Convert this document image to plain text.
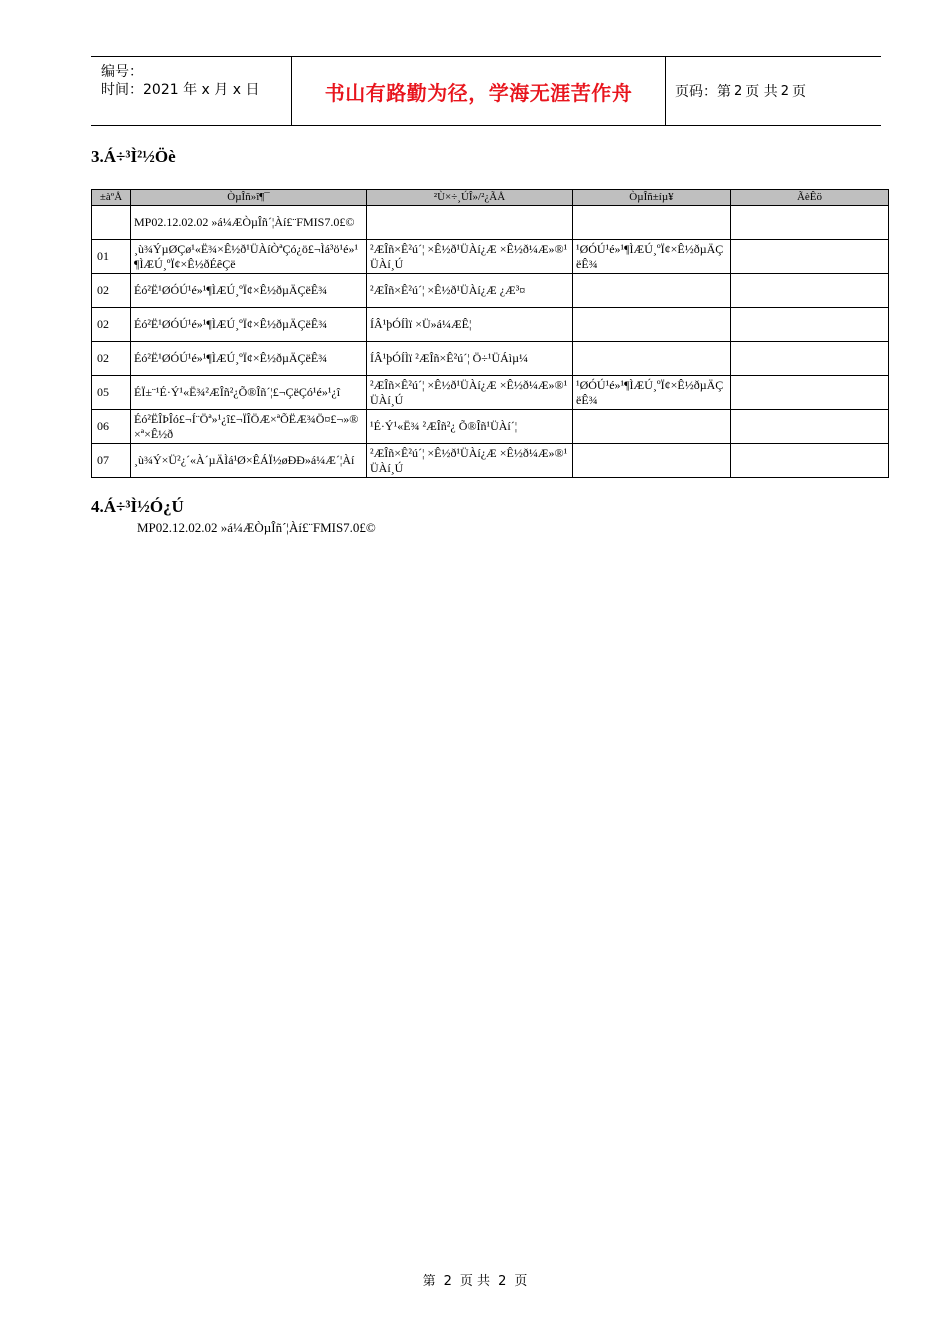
编号：
时间：2021 年 x 月 x 日	书山有路勤为径，学海无涯苦作舟	页码：第 2 页 共 2 页
3.Á÷³Ì²½Öè
±àºÅ	ÒµÎñ»î¶¯	²Ù×÷¸ÚÎ»/²¿ÃÅ	ÒµÎñ±íµ¥	ÃèÊö
	MP02.12.02.02 »á¼ÆÒµÎñ´¦Àí£¨FMIS7.0£©			
01	¸ù¾ÝµØÇø¹«Ë¾×Ê½ð¹ÜÀíÒªÇó¿ö£¬Ìá³ö¹é»¹¶ÌÆÚ¸ºÏ¢×Ê½ðÉêÇë	²ÆÎñ×Ê²ú´¦ ×Ê½ð¹ÜÀí¿Æ ×Ê½ð¼Æ»®¹ÜÀí¸Ú	¹ØÓÚ¹é»¹¶ÌÆÚ¸ºÏ¢×Ê½ðµÄÇëÊ¾	
02	Éó²Ë¹ØÓÚ¹é»¹¶ÌÆÚ¸ºÏ¢×Ê½ðµÄÇëÊ¾	²ÆÎñ×Ê²ú´¦ ×Ê½ð¹ÜÀí¿Æ ¿Æ³¤		
02	Éó²Ë¹ØÓÚ¹é»¹¶ÌÆÚ¸ºÏ¢×Ê½ðµÄÇëÊ¾	ÍÂ¹þÓÍÌï ×Ü»á¼ÆÊ¦		
02	Éó²Ë¹ØÓÚ¹é»¹¶ÌÆÚ¸ºÏ¢×Ê½ðµÄÇëÊ¾	ÍÂ¹þÓÍÌï ²ÆÎñ×Ê²ú´¦ Ö÷¹ÜÁìµ¼		
05	ÉÏ±¨¹É·Ý¹«Ë¾²ÆÎñ²¿Õ®Îñ´¦£¬ÇëÇó¹é»¹¿î	²ÆÎñ×Ê²ú´¦ ×Ê½ð¹ÜÀí¿Æ ×Ê½ð¼Æ»®¹ÜÀí¸Ú	¹ØÓÚ¹é»¹¶ÌÆÚ¸ºÏ¢×Ê½ðµÄÇëÊ¾	
06	Éó²ËÎÞÎó£¬Í¨Öª»¹¿î£¬ÏÎÖÆ×ªÕËÆ¾Ö¤£¬»®×ª×Ê½ð	¹É·Ý¹«Ë¾ ²ÆÎñ²¿ Õ®Îñ¹ÜÀí´¦		
07	¸ù¾Ý×Ü²¿´«À´µÄÌá¹Ø×ÊÁÏ½øÐÐ»á¼Æ´¦Àí	²ÆÎñ×Ê²ú´¦ ×Ê½ð¹ÜÀí¿Æ ×Ê½ð¼Æ»®¹ÜÀí¸Ú		
4.Á÷³Ì½Ó¿Ú
MP02.12.02.02 »á¼ÆÒµÎñ´¦Àí£¨FMIS7.0£©
第 2 页 共 2 页
